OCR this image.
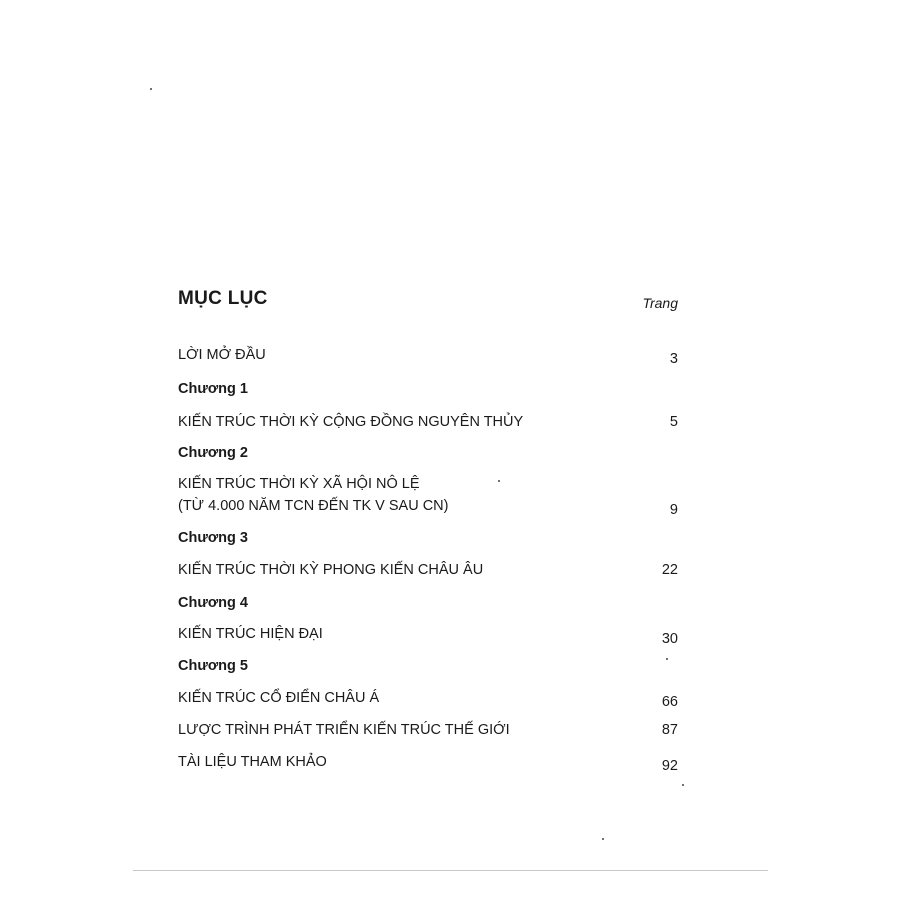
MỤC LỤC	Trang
LỜI MỞ ĐẦU	3
Chương 1
KIẾN TRÚC THỜI KỲ CỘNG ĐỒNG NGUYÊN THỦY	5
Chương 2
KIẾN TRÚC THỜI KỲ XÃ HỘI NÔ LỆ
(TỪ 4.000 NĂM TCN ĐẾN TK V SAU CN)	9
Chương 3
KIẾN TRÚC THỜI KỲ PHONG KIẾN CHÂU ÂU	22
Chương 4
KIẾN TRÚC HIỆN ĐẠI	30
Chương 5
KIẾN TRÚC CỔ ĐIỂN CHÂU Á	66
LƯỢC TRÌNH PHÁT TRIỂN KIẾN TRÚC THẾ GIỚI	87
TÀI LIỆU THAM KHẢO	92
